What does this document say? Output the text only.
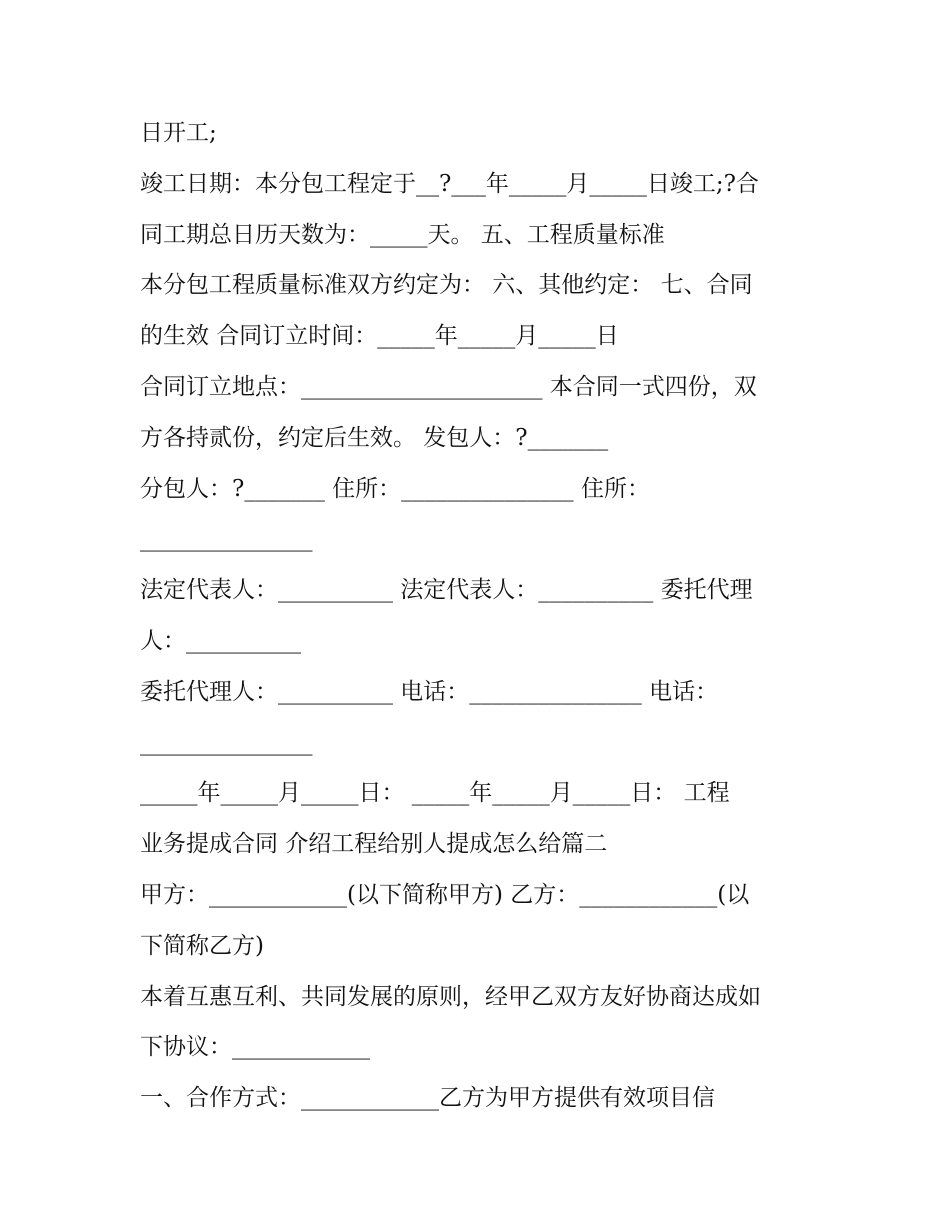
日开工;
竣工日期：本分包工程定于__?___年_____月_____日竣工;?合
同工期总日历天数为：_____天。 五、工程质量标准
本分包工程质量标准双方约定为： 六、其他约定： 七、合同
的生效 合同订立时间：_____年_____月_____日
合同订立地点：_____________________ 本合同一式四份，双
方各持贰份，约定后生效。 发包人：?_______
分包人：?_______ 住所：_______________ 住所：
_______________
法定代表人：__________ 法定代表人：__________ 委托代理
人：__________
委托代理人：__________ 电话：_______________ 电话：
_______________
_____年_____月_____日： _____年_____月_____日： 工程
业务提成合同 介绍工程给别人提成怎么给篇二
甲方：____________(以下简称甲方) 乙方：____________(以
下简称乙方)
本着互惠互利、共同发展的原则，经甲乙双方友好协商达成如
下协议：____________
一、合作方式：____________乙方为甲方提供有效项目信
